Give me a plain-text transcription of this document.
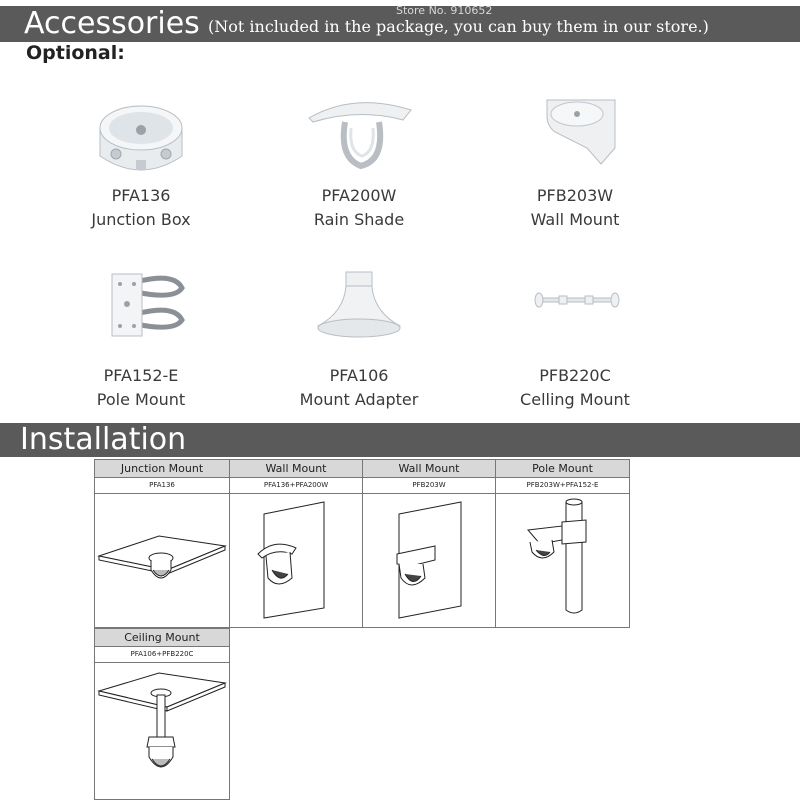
Accessories (Not included in the package, you can buy them in our store.)
Store No. 910652
Optional:
PFA136
Junction Box
PFA200W
Rain Shade
PFB203W
Wall Mount
PFA152-E
Pole Mount
PFA106
Mount Adapter
PFB220C
Celling Mount
Installation
Junction Mount
PFA136
Wall Mount
PFA136+PFA200W
Wall Mount
PFB203W
Pole Mount
PFB203W+PFA152-E
Ceiling Mount
PFA106+PFB220C
